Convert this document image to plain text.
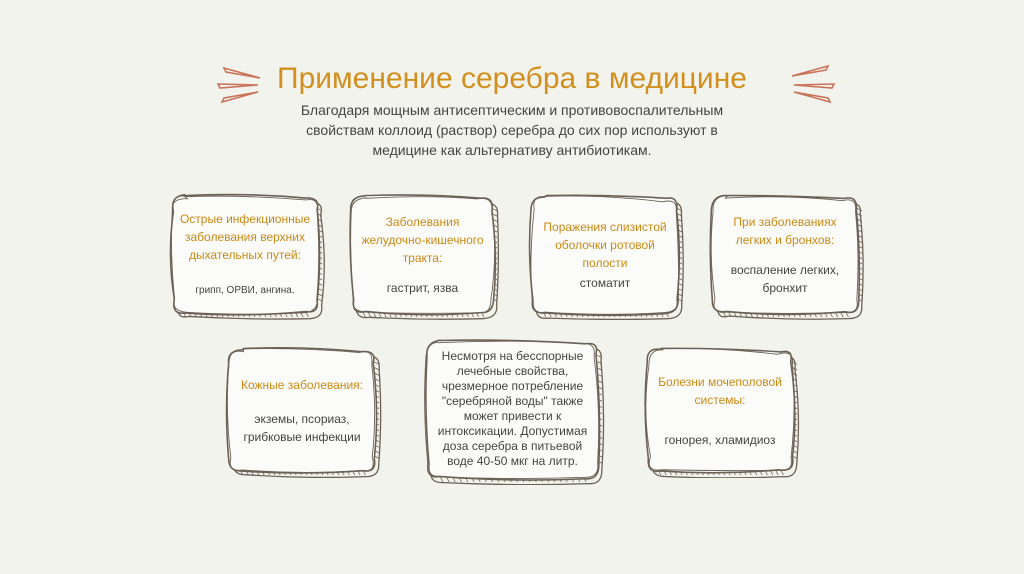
Применение серебра в медицине
Благодаря мощным антисептическим и противовоспалительным свойствам коллоид (раствор) серебра до сих пор используют в медицине как альтернативу антибиотикам.
Острые инфекционные заболевания верхних дыхательных путей:
грипп, ОРВИ, ангина.
Заболевания желудочно-кишечного тракта:
гастрит, язва
Поражения слизистой оболочки ротовой полости
стоматит
При заболеваниях легких и бронхов:
воспаление легких, бронхит
Кожные заболевания:
экземы, псориаз, грибковые инфекции
Несмотря на бесспорные лечебные свойства, чрезмерное потребление "серебряной воды" также может привести к интоксикации. Допустимая доза серебра в питьевой воде 40-50 мкг на литр.
Болезни мочеполовой системы:
гонорея, хламидиоз
